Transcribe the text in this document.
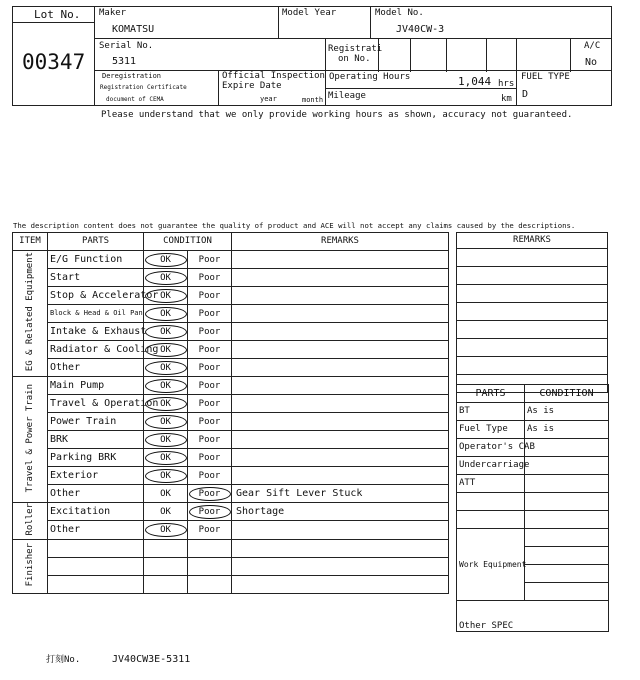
Lot No.
00347
Maker
KOMATSU
Model Year	Model No.
JV40CW-3
Serial No.
5311
Registrati
on No.
A/C
No
Deregistration
Registration Certificate
document of CEMA
Official Inspection
Expire Date
year	month
Operating Hours	1,044 hrs
Mileage	km
FUEL TYPE
D
Please understand that we only provide working hours as shown, accuracy not guaranteed.
The description content does not guarantee the quality of product and ACE will not accept any claims caused by the descriptions.
ITEM	PARTS	CONDITION		REMARKS
EG & Related Equipment	E/G Function	OK	Poor	
	Start	OK	Poor	
	Stop & Accelerator	OK	Poor	
	Block & Head & Oil Pan	OK	Poor	
	Intake & Exhaust	OK	Poor	
	Radiator & Cooling	OK	Poor	
	Other	OK	Poor	
Travel & Power Train	Main Pump	OK	Poor	
	Travel & Operation	OK	Poor	
	Power Train	OK	Poor	
	BRK	OK	Poor	
	Parking BRK	OK	Poor	
	Exterior	OK	Poor	
	Other	OK	Poor	Gear Sift Lever Stuck
Roller	Excitation	OK	Poor	Shortage
	Other	OK	Poor	
Finisher				

REMARKS

PARTS	CONDITION
BT	As is
Fuel Type	As is
Operator's CAB	
Undercarriage	
ATT	

Work Equipment	

Other SPEC	
打刻No.	JV40CW3E-5311
